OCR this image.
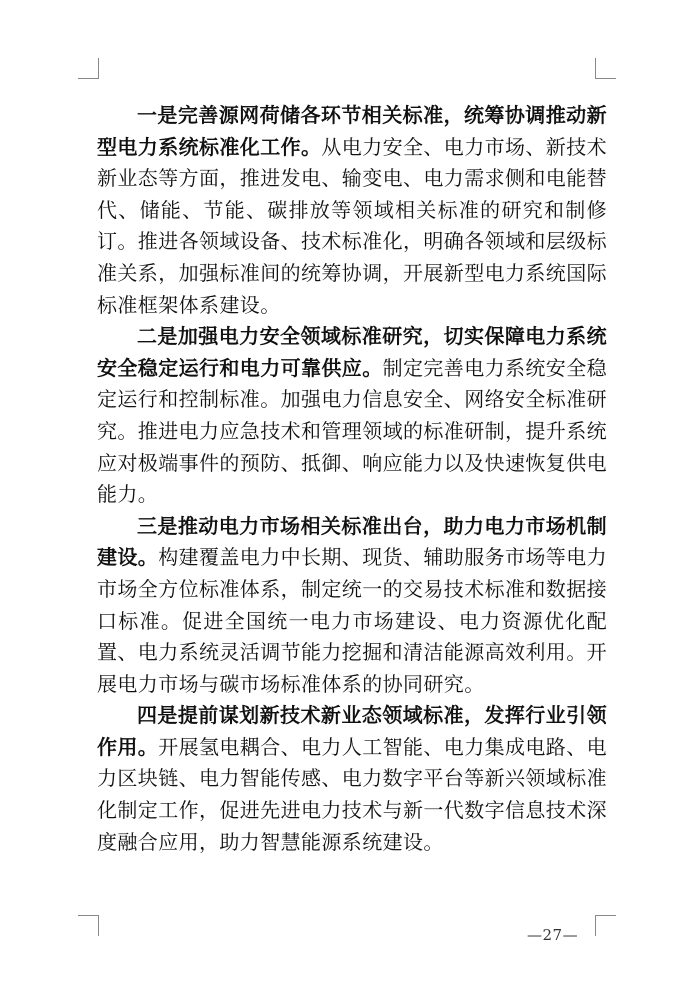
一是完善源网荷储各环节相关标准，统筹协调推动新型电力系统标准化工作。从电力安全、电力市场、新技术新业态等方面，推进发电、输变电、电力需求侧和电能替代、储能、节能、碳排放等领域相关标准的研究和制修订。推进各领域设备、技术标准化，明确各领域和层级标准关系，加强标准间的统筹协调，开展新型电力系统国际标准框架体系建设。

二是加强电力安全领域标准研究，切实保障电力系统安全稳定运行和电力可靠供应。制定完善电力系统安全稳定运行和控制标准。加强电力信息安全、网络安全标准研究。推进电力应急技术和管理领域的标准研制，提升系统应对极端事件的预防、抵御、响应能力以及快速恢复供电能力。

三是推动电力市场相关标准出台，助力电力市场机制建设。构建覆盖电力中长期、现货、辅助服务市场等电力市场全方位标准体系，制定统一的交易技术标准和数据接口标准。促进全国统一电力市场建设、电力资源优化配置、电力系统灵活调节能力挖掘和清洁能源高效利用。开展电力市场与碳市场标准体系的协同研究。

四是提前谋划新技术新业态领域标准，发挥行业引领作用。开展氢电耦合、电力人工智能、电力集成电路、电力区块链、电力智能传感、电力数字平台等新兴领域标准化制定工作，促进先进电力技术与新一代数字信息技术深度融合应用，助力智慧能源系统建设。

—27—
